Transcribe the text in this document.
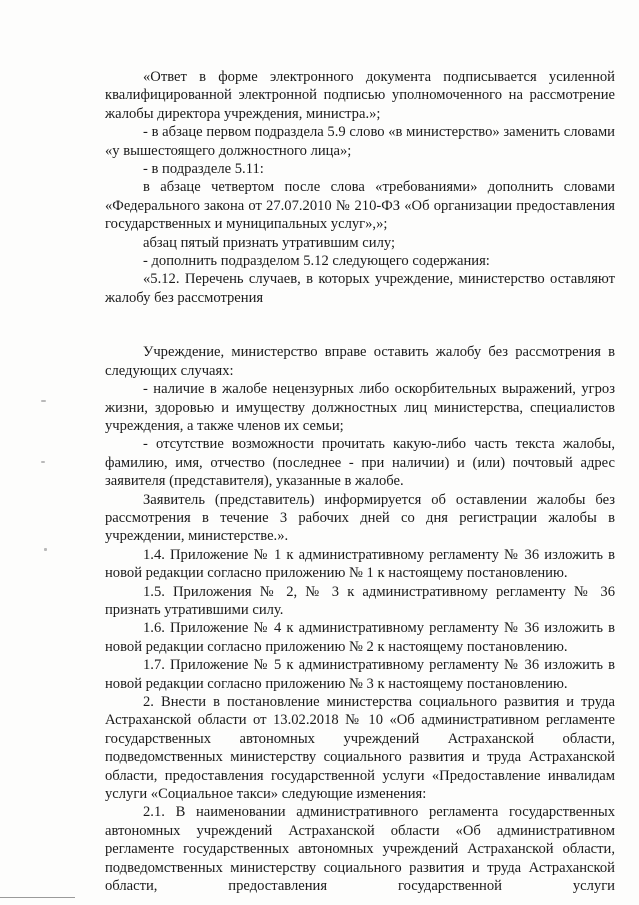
«Ответ в форме электронного документа подписывается усиленной квалифицированной электронной подписью уполномоченного на рассмотрение жалобы директора учреждения, министра.»;

- в абзаце первом подраздела 5.9 слово «в министерство» заменить словами «у вышестоящего должностного лица»;

- в подразделе 5.11:

в абзаце четвертом после слова «требованиями» дополнить словами «Федерального закона от 27.07.2010 № 210-ФЗ «Об организации предоставления государственных и муниципальных услуг»,»;

абзац пятый признать утратившим силу;

- дополнить подразделом 5.12 следующего содержания:

«5.12. Перечень случаев, в которых учреждение, министерство оставляют жалобу без рассмотрения

Учреждение, министерство вправе оставить жалобу без рассмотрения в следующих случаях:

- наличие в жалобе нецензурных либо оскорбительных выражений, угроз жизни, здоровью и имуществу должностных лиц министерства, специалистов учреждения, а также членов их семьи;

- отсутствие возможности прочитать какую-либо часть текста жалобы, фамилию, имя, отчество (последнее - при наличии) и (или) почтовый адрес заявителя (представителя), указанные в жалобе.

Заявитель (представитель) информируется об оставлении жалобы без рассмотрения в течение 3 рабочих дней со дня регистрации жалобы в учреждении, министерстве.».

1.4. Приложение № 1 к административному регламенту № 36 изложить в новой редакции согласно приложению № 1 к настоящему постановлению.

1.5. Приложения № 2, № 3 к административному регламенту № 36 признать утратившими силу.

1.6. Приложение № 4 к административному регламенту № 36 изложить в новой редакции согласно приложению № 2 к настоящему постановлению.

1.7. Приложение № 5 к административному регламенту № 36 изложить в новой редакции согласно приложению № 3 к настоящему постановлению.

2. Внести в постановление министерства социального развития и труда Астраханской области от 13.02.2018 № 10 «Об административном регламенте государственных автономных учреждений Астраханской области, подведомственных министерству социального развития и труда Астраханской области, предоставления государственной услуги «Предоставление инвалидам услуги «Социальное такси» следующие изменения:

2.1. В наименовании административного регламента государственных автономных учреждений Астраханской области «Об административном регламенте государственных автономных учреждений Астраханской области, подведомственных министерству социального развития и труда Астраханской области, предоставления государственной услуги
